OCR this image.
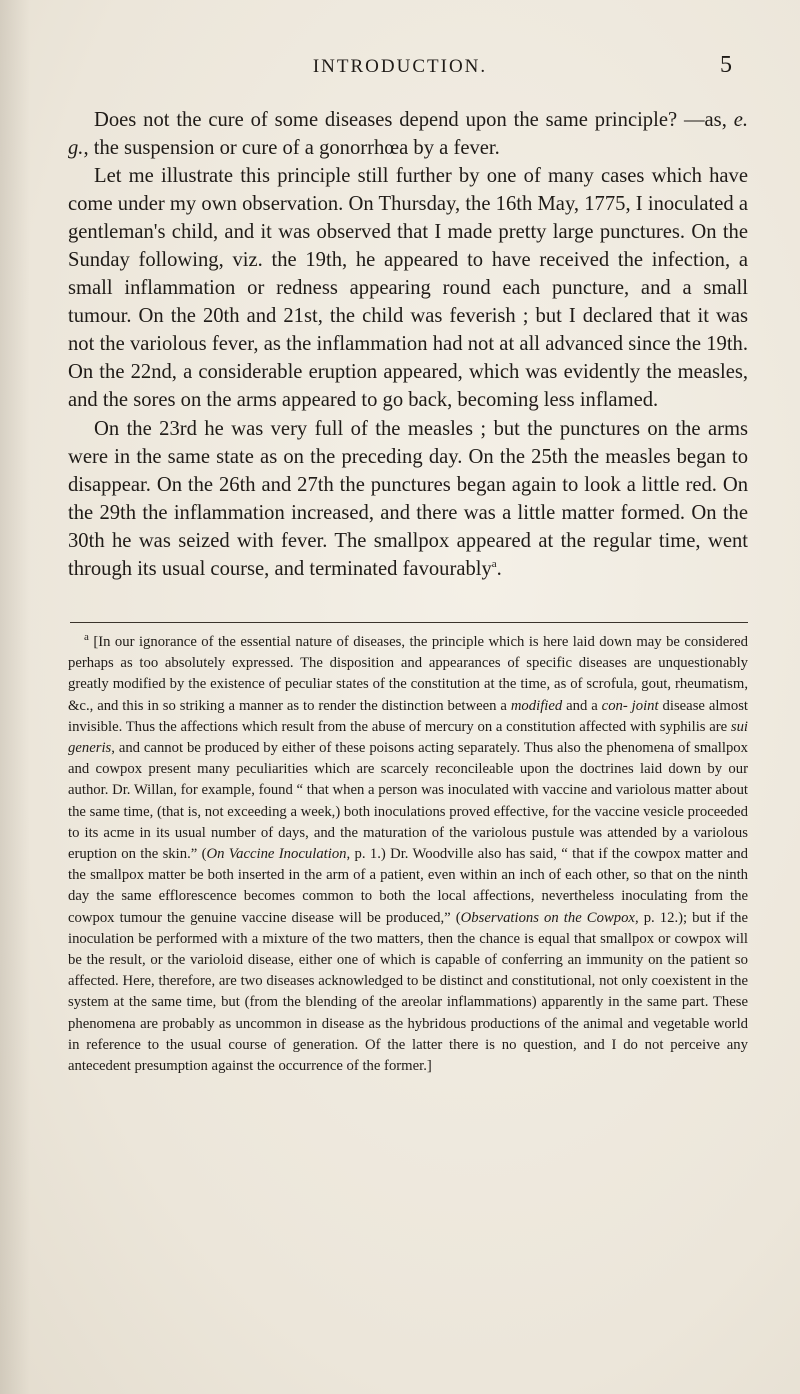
INTRODUCTION.	5

Does not the cure of some diseases depend upon the same principle? —as, e. g., the suspension or cure of a gonorrhœa by a fever.

Let me illustrate this principle still further by one of many cases which have come under my own observation. On Thursday, the 16th May, 1775, I inoculated a gentleman's child, and it was observed that I made pretty large punctures. On the Sunday following, viz. the 19th, he appeared to have received the infection, a small inflammation or redness appearing round each puncture, and a small tumour. On the 20th and 21st, the child was feverish ; but I declared that it was not the variolous fever, as the inflammation had not at all advanced since the 19th. On the 22nd, a considerable eruption appeared, which was evidently the measles, and the sores on the arms appeared to go back, becoming less inflamed.

On the 23rd he was very full of the measles ; but the punctures on the arms were in the same state as on the preceding day. On the 25th the measles began to disappear. On the 26th and 27th the punctures began again to look a little red. On the 29th the inflammation increased, and there was a little matter formed. On the 30th he was seized with fever. The smallpox appeared at the regular time, went through its usual course, and terminated favourably$^a$.

$^a$ [In our ignorance of the essential nature of diseases, the principle which is here laid down may be considered perhaps as too absolutely expressed. The disposition and appearances of specific diseases are unquestionably greatly modified by the existence of peculiar states of the constitution at the time, as of scrofula, gout, rheumatism, &c., and this in so striking a manner as to render the distinction between a modified and a con- joint disease almost invisible. Thus the affections which result from the abuse of mercury on a constitution affected with syphilis are sui generis, and cannot be produced by either of these poisons acting separately. Thus also the phenomena of smallpox and cowpox present many peculiarities which are scarcely reconcileable upon the doctrines laid down by our author. Dr. Willan, for example, found “ that when a person was inoculated with vaccine and variolous matter about the same time, (that is, not exceeding a week,) both inoculations proved effective, for the vaccine vesicle proceeded to its acme in its usual number of days, and the maturation of the variolous pustule was attended by a variolous eruption on the skin.” (On Vaccine Inoculation, p. 1.) Dr. Woodville also has said, “ that if the cowpox matter and the smallpox matter be both inserted in the arm of a patient, even within an inch of each other, so that on the ninth day the same efflorescence becomes common to both the local affections, nevertheless inoculating from the cowpox tumour the genuine vaccine disease will be produced,” (Observations on the Cowpox, p. 12.); but if the inoculation be performed with a mixture of the two matters, then the chance is equal that smallpox or cowpox will be the result, or the varioloid disease, either one of which is capable of conferring an immunity on the patient so affected. Here, therefore, are two diseases acknowledged to be distinct and constitutional, not only coexistent in the system at the same time, but (from the blending of the areolar inflammations) apparently in the same part. These phenomena are probably as uncommon in disease as the hybridous productions of the animal and vegetable world in reference to the usual course of generation. Of the latter there is no question, and I do not perceive any antecedent presumption against the occurrence of the former.]
